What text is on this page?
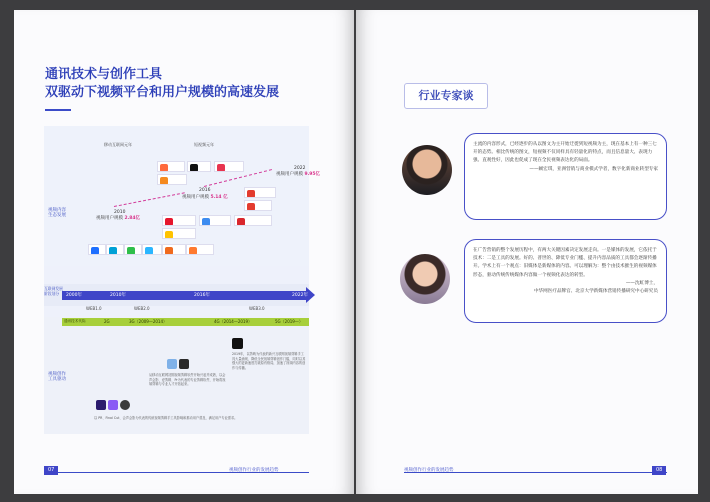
通讯技术与创作工具
双驱动下视频平台和用户规模的高速发展
移动互联网元年	短视频元年
视频内容
生态发展
互联网发展
阶段划分
视频创作
工具驱动
2010
视频用户规模 2.84亿
2016
视频用户规模 5.14 亿
2022
视频用户规模 9.95亿
2000年	2010年	2016年	2022年
WEB1.0	WEB2.0	WEB3.0
通讯技术代际	2G	3G（2009—2014）	4G（2014—2019）	5G（2019—）
2019年，以剪映为代表的新兴互联网视频剪辑手工具大量涌现，降低全民视频剪辑创作门槛，同时以其强大的更新速度打破原有格局，加速了视频内容的创作与传播。
从移动互联网初期视频剪辑软件开始兴起并成熟，以会声会影、爱剪辑、Pr为代表的专业剪辑软件，开始将视频剪辑与专业人才开拓起来。
以 PR、Final Cut、会声会影为代表的传统视频剪辑手工具影响和推动用户普及，满足用户专业需求。
07	视频创作行业的发展趋势
行业专家谈
主流的内容形式，已经逐步的从以图文为主开始迁徙到短视频为主，现在基本上有一种三七开的态势。相比传统的图文，短视频不仅同样具有轻量化的特点，而且信息量大、表现力强、直观性好，因此也促成了现在全民视频表达化的局面。
——阚宏琪，亚洲营销与商业模式学者，数字化新商业转型专家
在广告营销的整个发展历程中，有两大关键因素决定发展走向。一是媒体的发展，它依托于技术：二是工具的发展。好的、普世的、降低专业门槛、提升内容品质的工具都会逐渐传播开。学术上有一个观点：旧媒体是新媒体的内容。可以理解为：整个由技术摧生的视频媒体形态，驱动传统传统媒体内容做一个视频化表达的转型。
——沈虹博士，
中华网医疗品牌官、北京大学新媒体营销传播研究中心研究员
视频创作行业的发展趋势	08
